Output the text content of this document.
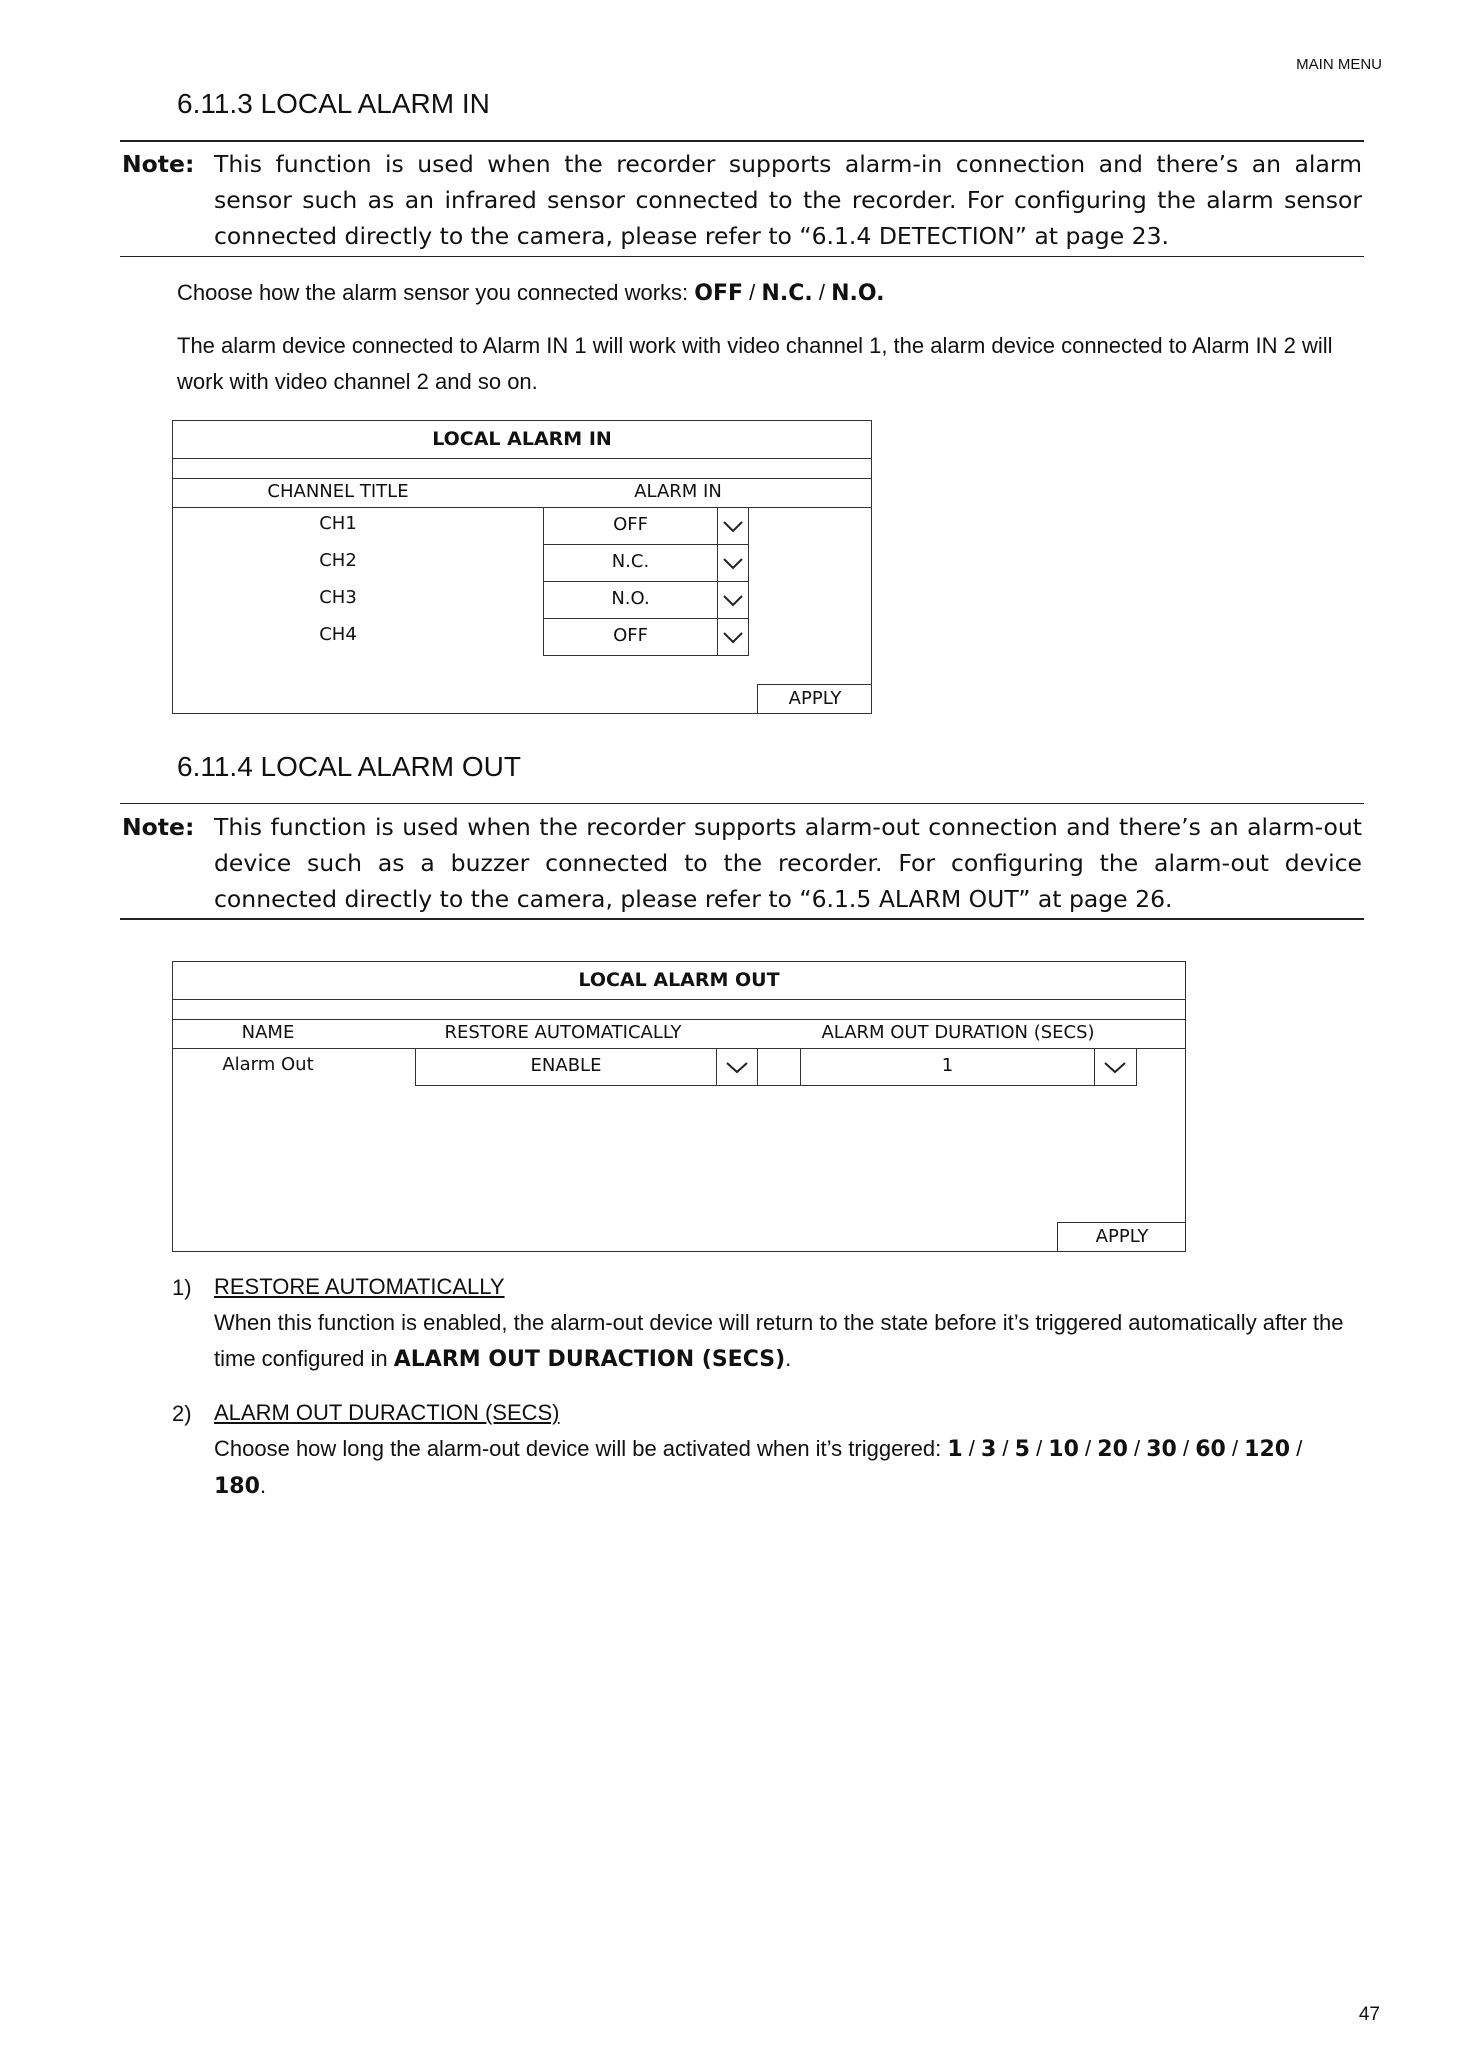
MAIN MENU
6.11.3 LOCAL ALARM IN
Note: This function is used when the recorder supports alarm-in connection and there’s an alarm sensor such as an infrared sensor connected to the recorder. For configuring the alarm sensor connected directly to the camera, please refer to “6.1.4 DETECTION” at page 23.
Choose how the alarm sensor you connected works: OFF / N.C. / N.O.
The alarm device connected to Alarm IN 1 will work with video channel 1, the alarm device connected to Alarm IN 2 will work with video channel 2 and so on.
LOCAL ALARM IN
CHANNEL TITLE	ALARM IN
CH1	OFF
CH2	N.C.
CH3	N.O.
CH4	OFF
APPLY
6.11.4 LOCAL ALARM OUT
Note: This function is used when the recorder supports alarm-out connection and there’s an alarm-out device such as a buzzer connected to the recorder. For configuring the alarm-out device connected directly to the camera, please refer to “6.1.5 ALARM OUT” at page 26.
LOCAL ALARM OUT
NAME	RESTORE AUTOMATICALLY	ALARM OUT DURATION (SECS)
Alarm Out	ENABLE	1
APPLY
1) RESTORE AUTOMATICALLY
When this function is enabled, the alarm-out device will return to the state before it’s triggered automatically after the time configured in ALARM OUT DURACTION (SECS).
2) ALARM OUT DURACTION (SECS)
Choose how long the alarm-out device will be activated when it’s triggered: 1 / 3 / 5 / 10 / 20 / 30 / 60 / 120 / 180.
47
